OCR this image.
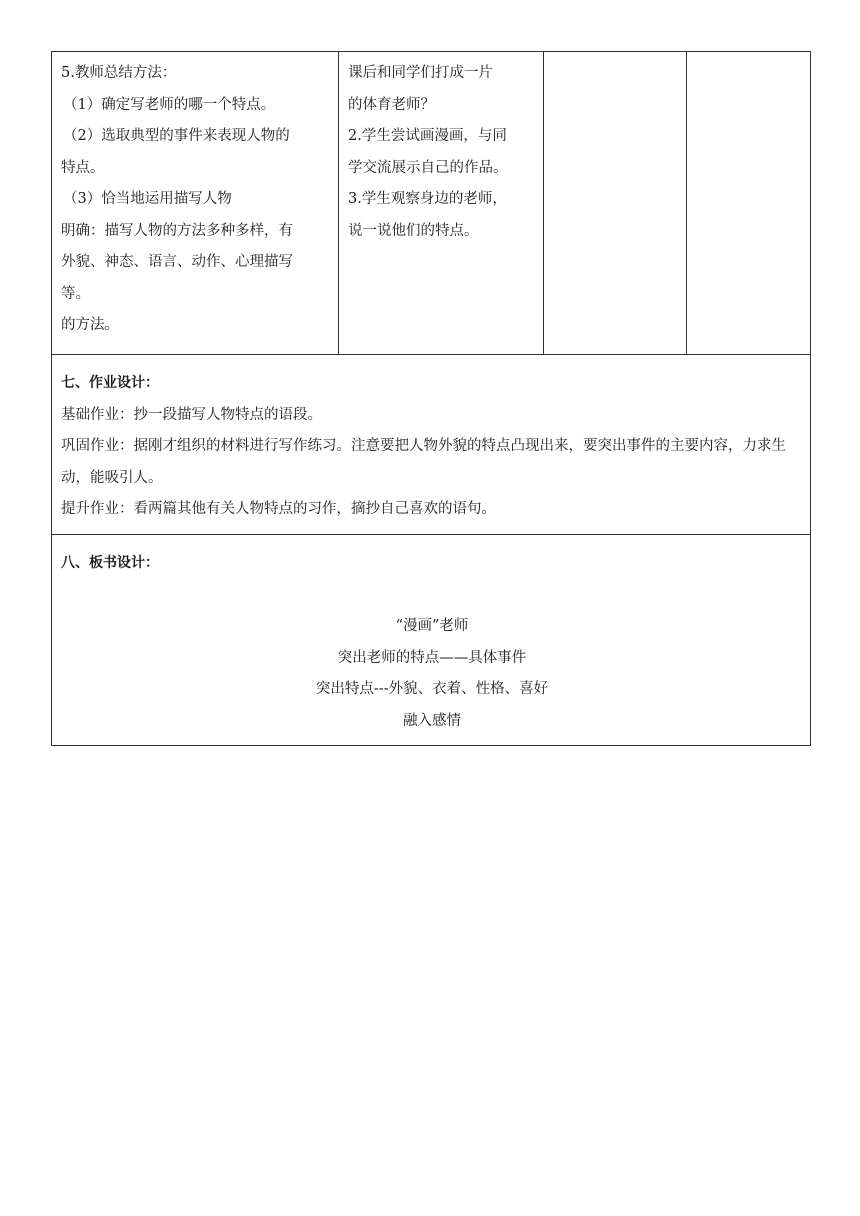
5.教师总结方法：
（1）确定写老师的哪一个特点。
（2）选取典型的事件来表现人物的
特点。
（3）恰当地运用描写人物
明确：描写人物的方法多种多样，有
外貌、神态、语言、动作、心理描写
等。
的方法。

课后和同学们打成一片
的体育老师？
2.学生尝试画漫画，与同
学交流展示自己的作品。
3.学生观察身边的老师，
说一说他们的特点。

七、作业设计：
基础作业：抄一段描写人物特点的语段。
巩固作业：据刚才组织的材料进行写作练习。注意要把人物外貌的特点凸现出来，要突出事件的主要内容，力求生动，能吸引人。
提升作业：看两篇其他有关人物特点的习作，摘抄自己喜欢的语句。

八、板书设计：
“漫画”老师
突出老师的特点——具体事件
突出特点---外貌、衣着、性格、喜好
融入感情
